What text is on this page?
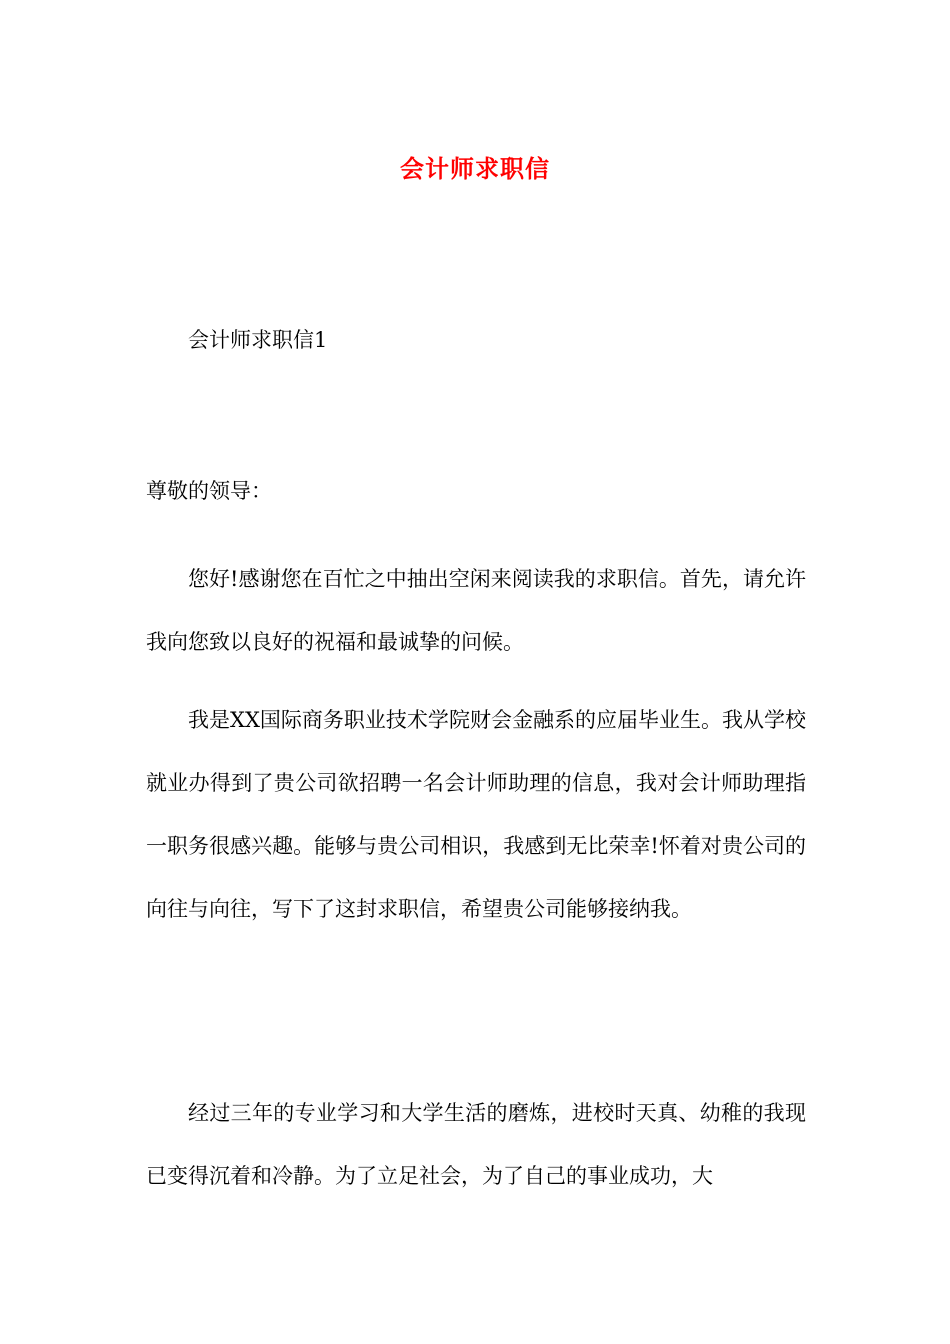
会计师求职信

会计师求职信1

尊敬的领导：

您好!感谢您在百忙之中抽出空闲来阅读我的求职信。首先，请允许我向您致以良好的祝福和最诚挚的问候。

我是XX国际商务职业技术学院财会金融系的应届毕业生。我从学校就业办得到了贵公司欲招聘一名会计师助理的信息，我对会计师助理指一职务很感兴趣。能够与贵公司相识，我感到无比荣幸!怀着对贵公司的向往与向往，写下了这封求职信，希望贵公司能够接纳我。

经过三年的专业学习和大学生活的磨炼，进校时天真、幼稚的我现已变得沉着和冷静。为了立足社会，为了自己的事业成功，大
